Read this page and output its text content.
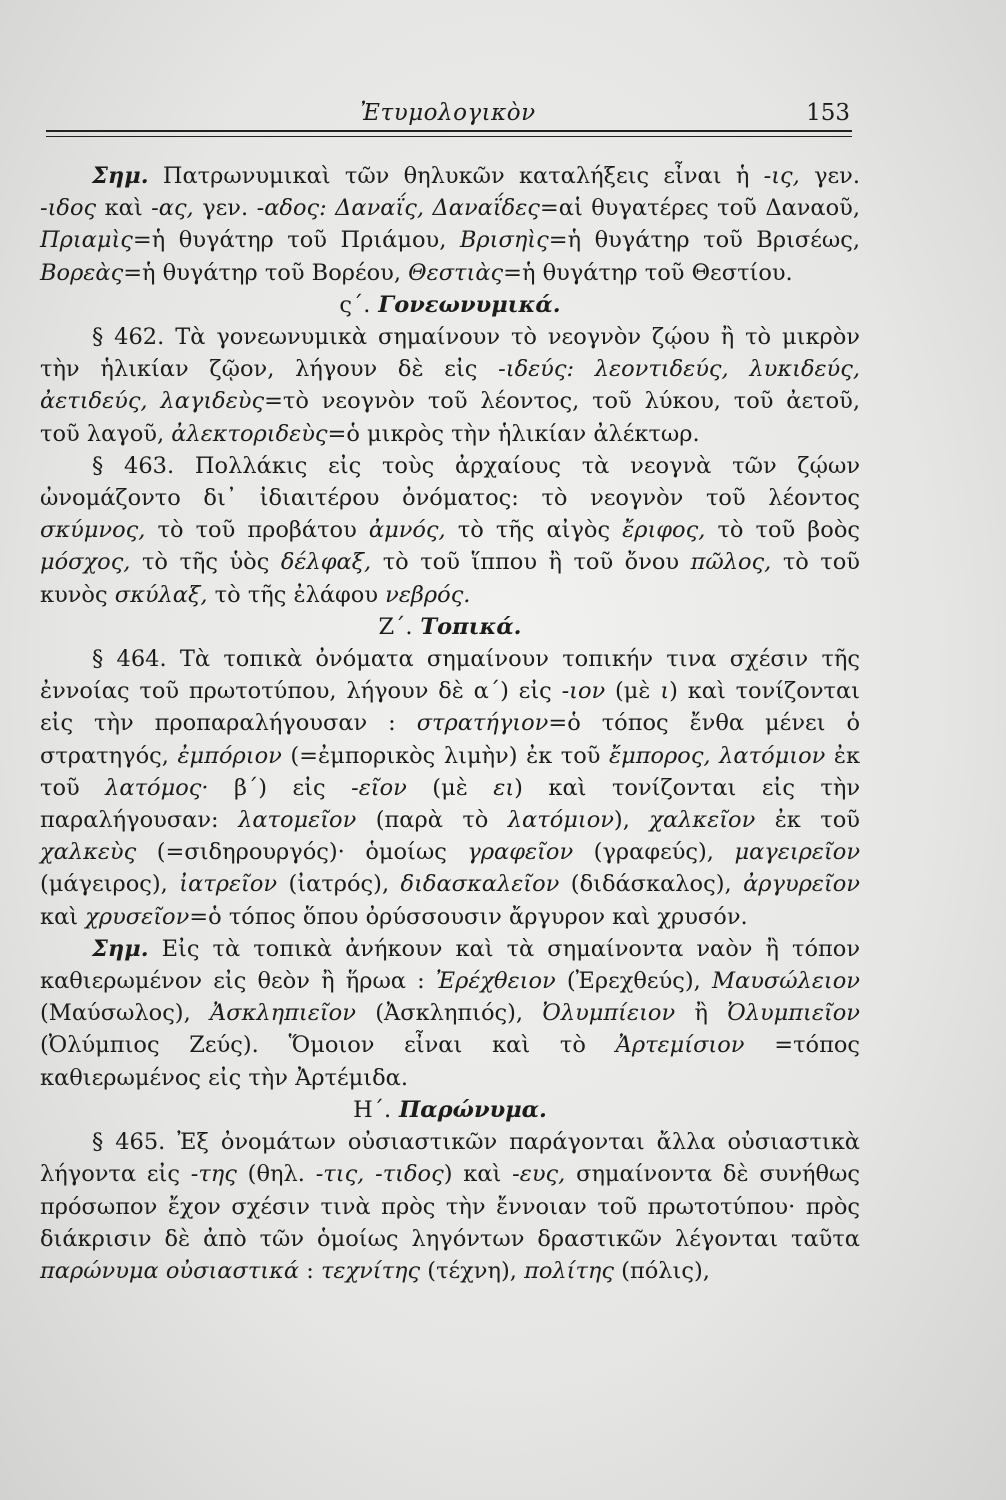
Ἐτυμολογικὸν	153

Σημ. Πατρωνυμικαὶ τῶν θηλυκῶν καταλήξεις εἶναι ἡ -ις, γεν. -ιδος καὶ -ας, γεν. -αδος: Δαναΐς, Δαναΐδες=αἱ θυγατέρες τοῦ Δαναοῦ, Πριαμὶς=ἡ θυγάτηρ τοῦ Πριάμου, Βρισηὶς=ἡ θυγάτηρ τοῦ Βρισέως, Βορεὰς=ἡ θυγάτηρ τοῦ Βορέου, Θεστιὰς=ἡ θυγάτηρ τοῦ Θεστίου.

ς΄. Γονεωνυμικά.

§ 462. Τὰ γονεωνυμικὰ σημαίνουν τὸ νεογνὸν ζῴου ἢ τὸ μικρὸν τὴν ἡλικίαν ζῷον, λήγουν δὲ εἰς -ιδεύς: λεοντιδεύς, λυκιδεύς, ἀετιδεύς, λαγιδεὺς=τὸ νεογνὸν τοῦ λέοντος, τοῦ λύκου, τοῦ ἀετοῦ, τοῦ λαγοῦ, ἀλεκτοριδεὺς=ὁ μικρὸς τὴν ἡλικίαν ἀλέκτωρ.

§ 463. Πολλάκις εἰς τοὺς ἀρχαίους τὰ νεογνὰ τῶν ζῴων ὠνομάζοντο δι᾽ ἰδιαιτέρου ὀνόματος: τὸ νεογνὸν τοῦ λέοντος σκύμνος, τὸ τοῦ προβάτου ἀμνός, τὸ τῆς αἰγὸς ἔριφος, τὸ τοῦ βοὸς μόσχος, τὸ τῆς ὑὸς δέλφαξ, τὸ τοῦ ἵππου ἢ τοῦ ὄνου πῶλος, τὸ τοῦ κυνὸς σκύλαξ, τὸ τῆς ἐλάφου νεβρός.

Ζ΄. Τοπικά.

§ 464. Τὰ τοπικὰ ὀνόματα σημαίνουν τοπικήν τινα σχέσιν τῆς ἐννοίας τοῦ πρωτοτύπου, λήγουν δὲ α΄) εἰς -ιον (μὲ ι) καὶ τονίζονται εἰς τὴν προπαραλήγουσαν : στρατήγιον=ὁ τόπος ἔνθα μένει ὁ στρατηγός, ἐμπόριον (=ἐμπορικὸς λιμὴν) ἐκ τοῦ ἔμπορος, λατόμιον ἐκ τοῦ λατόμος· β΄) εἰς -εῖον (μὲ ει) καὶ τονίζονται εἰς τὴν παραλήγουσαν: λατομεῖον (παρὰ τὸ λατόμιον), χαλκεῖον ἐκ τοῦ χαλκεὺς (=σιδηρουργός)· ὁμοίως γραφεῖον (γραφεύς), μαγειρεῖον (μάγειρος), ἰατρεῖον (ἰατρός), διδασκαλεῖον (διδάσκαλος), ἀργυρεῖον καὶ χρυσεῖον=ὁ τόπος ὅπου ὀρύσσουσιν ἄργυρον καὶ χρυσόν.

Σημ. Εἰς τὰ τοπικὰ ἀνήκουν καὶ τὰ σημαίνοντα ναὸν ἢ τόπον καθιερωμένον εἰς θεὸν ἢ ἥρωα : Ἐρέχθειον (Ἐρεχθεύς), Μαυσώλειον (Μαύσωλος), Ἀσκληπιεῖον (Ἀσκληπιός), Ὀλυμπίειον ἢ Ὀλυμπιεῖον (Ὀλύμπιος Ζεύς). Ὅμοιον εἶναι καὶ τὸ Ἀρτεμίσιον =τόπος καθιερωμένος εἰς τὴν Ἀρτέμιδα.

Η΄. Παρώνυμα.

§ 465. Ἐξ ὀνομάτων οὐσιαστικῶν παράγονται ἄλλα οὐσιαστικὰ λήγοντα εἰς -της (θηλ. -τις, -τιδος) καὶ -ευς, σημαίνοντα δὲ συνήθως πρόσωπον ἔχον σχέσιν τινὰ πρὸς τὴν ἔννοιαν τοῦ πρωτοτύπου· πρὸς διάκρισιν δὲ ἀπὸ τῶν ὁμοίως ληγόντων δραστικῶν λέγονται ταῦτα παρώνυμα οὐσιαστικά : τεχνίτης (τέχνη), πολίτης (πόλις),
